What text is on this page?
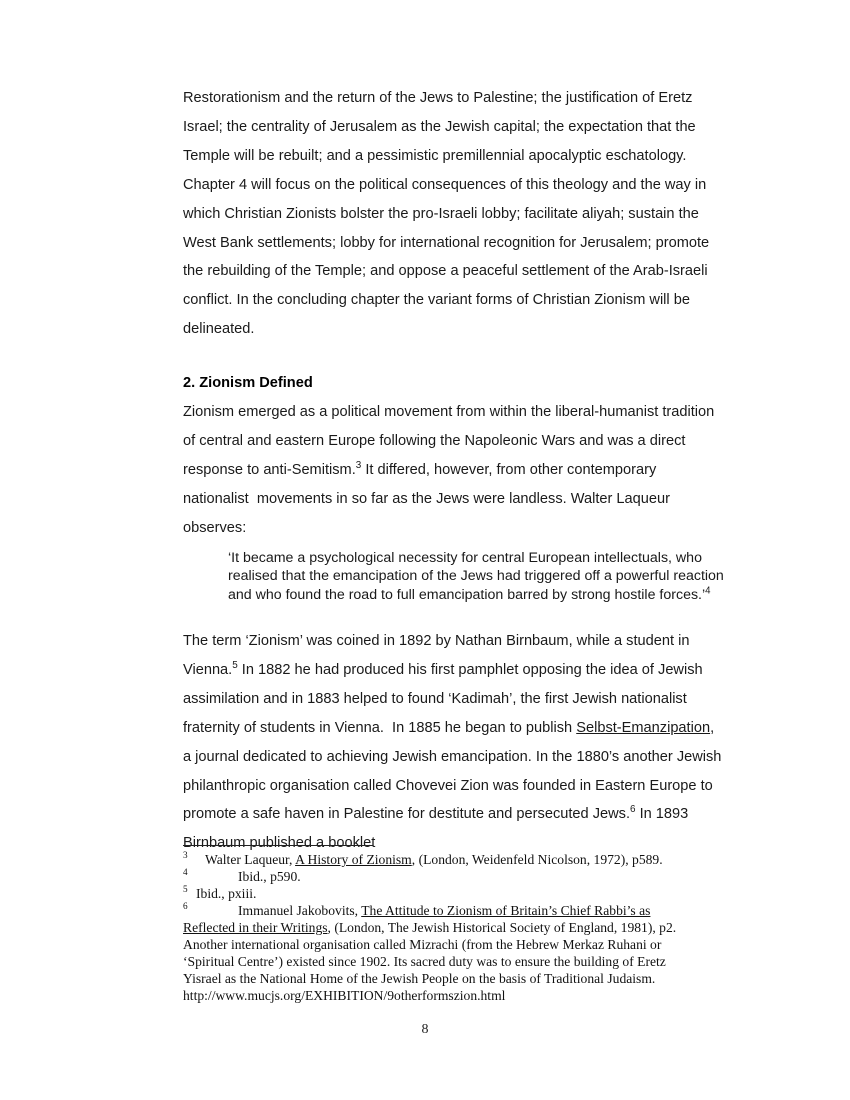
Restorationism and the return of the Jews to Palestine; the justification of Eretz Israel; the centrality of Jerusalem as the Jewish capital; the expectation that the Temple will be rebuilt; and a pessimistic premillennial apocalyptic eschatology. Chapter 4 will focus on the political consequences of this theology and the way in which Christian Zionists bolster the pro-Israeli lobby; facilitate aliyah; sustain the West Bank settlements; lobby for international recognition for Jerusalem; promote the rebuilding of the Temple; and oppose a peaceful settlement of the Arab-Israeli conflict. In the concluding chapter the variant forms of Christian Zionism will be delineated.

2. Zionism Defined

Zionism emerged as a political movement from within the liberal-humanist tradition of central and eastern Europe following the Napoleonic Wars and was a direct response to anti-Semitism.$^3$ It differed, however, from other contemporary nationalist  movements in so far as the Jews were landless. Walter Laqueur observes:

‘It became a psychological necessity for central European intellectuals, who realised that the emancipation of the Jews had triggered off a powerful reaction and who found the road to full emancipation barred by strong hostile forces.’$^4$

The term ‘Zionism’ was coined in 1892 by Nathan Birnbaum, while a student in Vienna.$^5$ In 1882 he had produced his first pamphlet opposing the idea of Jewish assimilation and in 1883 helped to found ‘Kadimah’, the first Jewish nationalist fraternity of students in Vienna.  In 1885 he began to publish Selbst-Emanzipation, a journal dedicated to achieving Jewish emancipation. In the 1880’s another Jewish philanthropic organisation called Chovevei Zion was founded in Eastern Europe to promote a safe haven in Palestine for destitute and persecuted Jews.$^6$ In 1893 Birnbaum published a booklet

$^3$ Walter Laqueur, A History of Zionism, (London, Weidenfeld Nicolson, 1972), p589.

$^4$	Ibid., p590.

$^5$ Ibid., pxiii.

$^6$	Immanuel Jakobovits, The Attitude to Zionism of Britain’s Chief Rabbi’s as

Reflected in their Writings, (London, The Jewish Historical Society of England, 1981), p2.

Another international organisation called Mizrachi (from the Hebrew Merkaz Ruhani or

‘Spiritual Centre’) existed since 1902. Its sacred duty was to ensure the building of Eretz

Yisrael as the National Home of the Jewish People on the basis of Traditional Judaism.

http://www.mucjs.org/EXHIBITION/9otherformszion.html

8
